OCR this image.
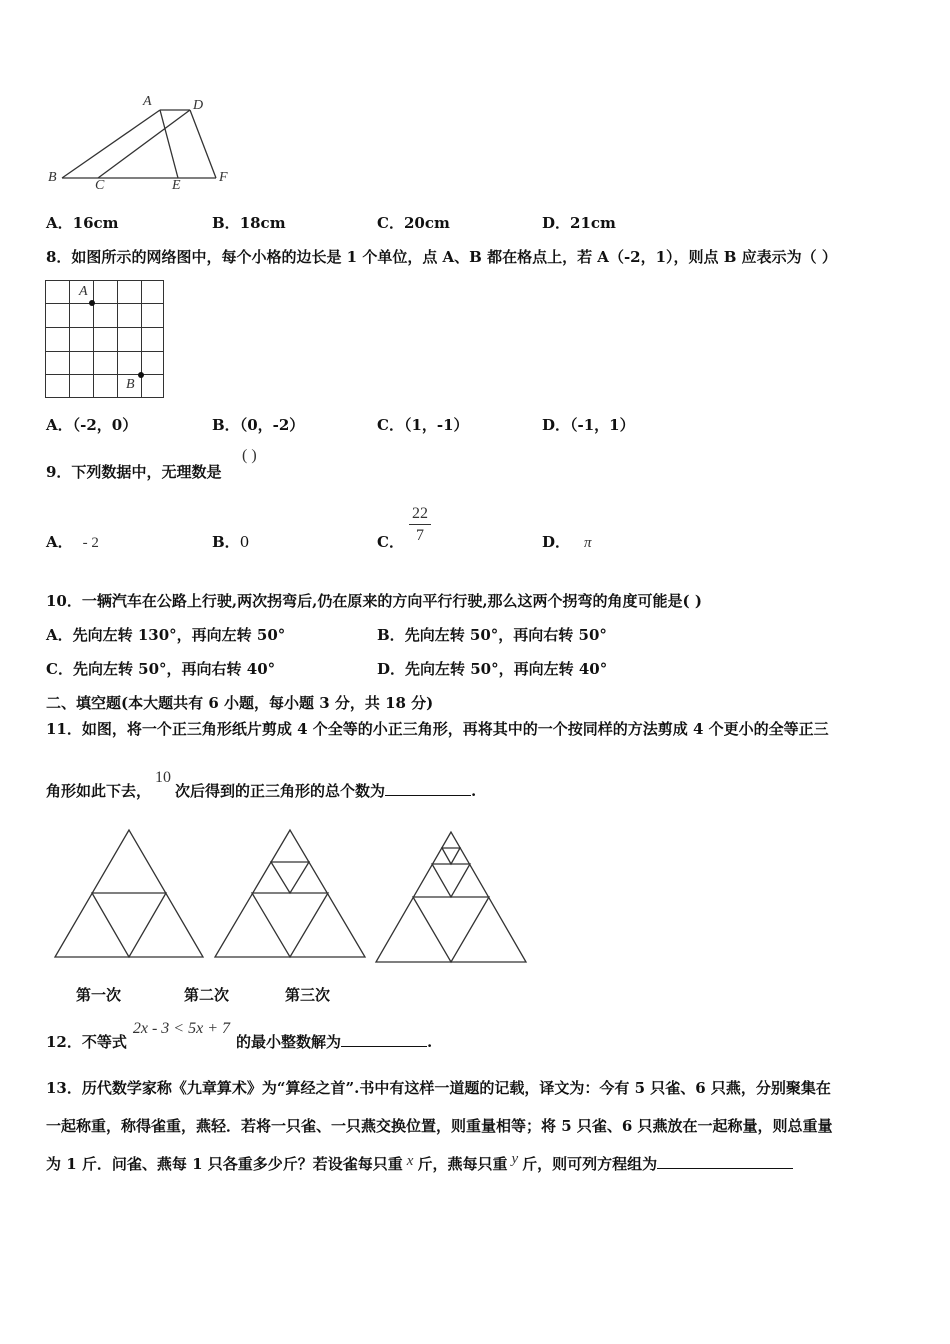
A	D
B
C	E
F
A．16cm	B．18cm	C．20cm	D．21cm
8．如图所示的网络图中，每个小格的边长是 1 个单位，点 A、B 都在格点上，若 A（-2，1），则点 B 应表示为（ ）
A
B
A．（-2，0）	B．（0，-2）	C．（1，-1）	D．（-1，1）
9．下列数据中，无理数是
( )
A． - 2	B．0	C．
22
7	D． π
10．一辆汽车在公路上行驶,两次拐弯后,仍在原来的方向平行行驶,那么这两个拐弯的角度可能是( )
A．先向左转 130°，再向左转 50°	B．先向左转 50°，再向右转 50°
C．先向左转 50°，再向右转 40°	D．先向左转 50°，再向左转 40°
二、填空题(本大题共有 6 小题，每小题 3 分，共 18 分)
11．如图，将一个正三角形纸片剪成 4 个全等的小正三角形，再将其中的一个按同样的方法剪成 4 个更小的全等正三
角形如此下去，10次后得到的正三角形的总个数为	.
第一次	第二次	第三次
12．不等式2x - 3 < 5x + 7的最小整数解为	.
13．历代数学家称《九章算术》为“算经之首”.书中有这样一道题的记载，译文为：今有 5 只雀、6 只燕，分别聚集在
一起称重，称得雀重，燕轻．若将一只雀、一只燕交换位置，则重量相等；将 5 只雀、6 只燕放在一起称量，则总重量
为 1 斤．问雀、燕每 1 只各重多少斤？若设雀每只重 x 斤，燕每只重 y 斤，则可列方程组为
